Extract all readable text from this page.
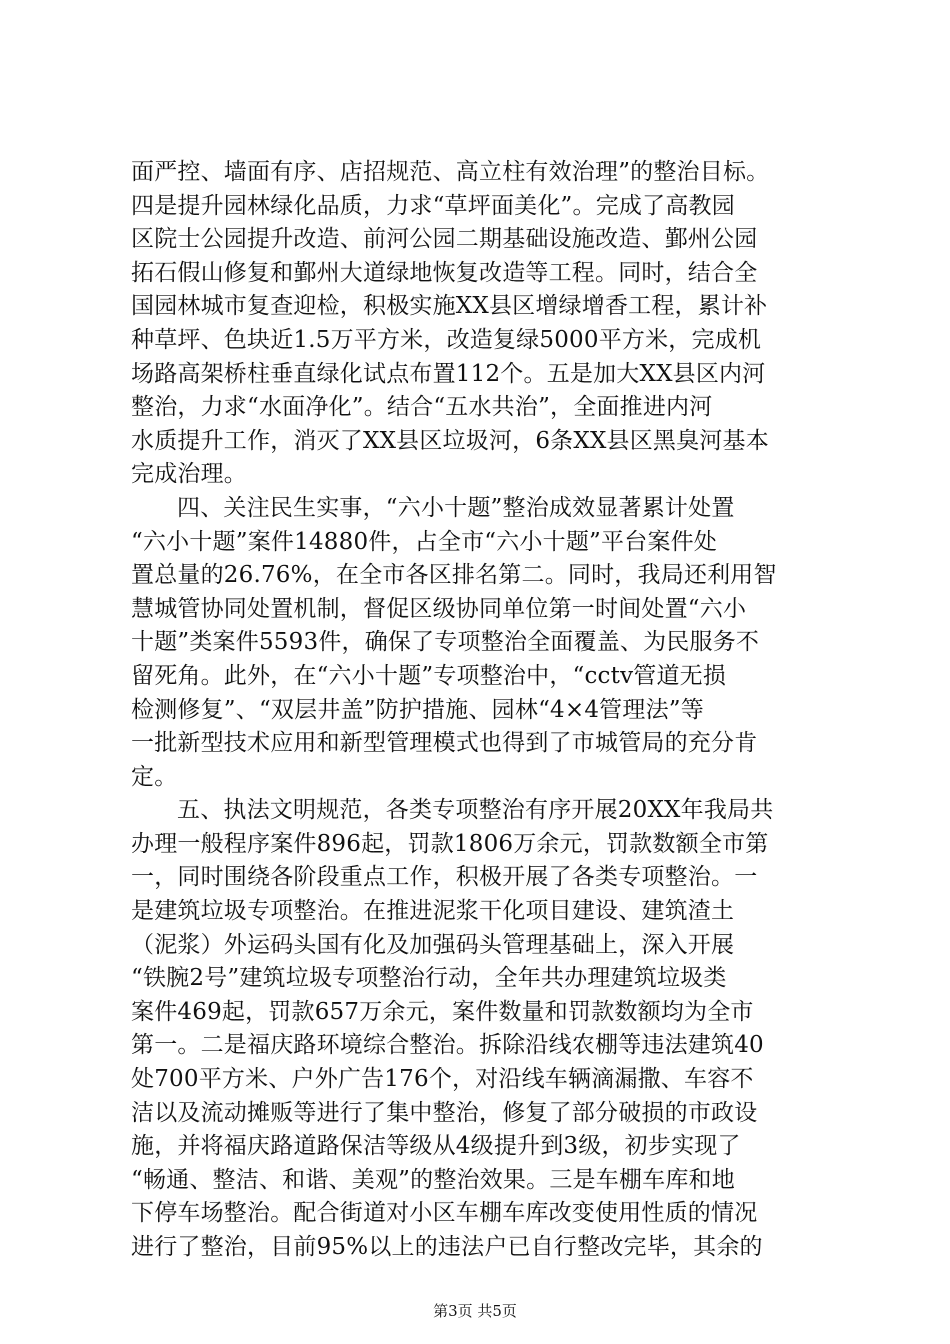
面严控、墙面有序、店招规范、高立柱有效治理”的整治目标。
四是提升园林绿化品质，力求“草坪面美化”。完成了高教园
区院士公园提升改造、前河公园二期基础设施改造、鄞州公园
拓石假山修复和鄞州大道绿地恢复改造等工程。同时，结合全
国园林城市复查迎检，积极实施XX县区增绿增香工程，累计补
种草坪、色块近1.5万平方米，改造复绿5000平方米，完成机
场路高架桥柱垂直绿化试点布置112个。五是加大XX县区内河
整治，力求“水面净化”。结合“五水共治”，全面推进内河
水质提升工作，消灭了XX县区垃圾河，6条XX县区黑臭河基本
完成治理。

四、关注民生实事，“六小十题”整治成效显著累计处置
“六小十题”案件14880件，占全市“六小十题”平台案件处
置总量的26.76%，在全市各区排名第二。同时，我局还利用智
慧城管协同处置机制，督促区级协同单位第一时间处置“六小
十题”类案件5593件，确保了专项整治全面覆盖、为民服务不
留死角。此外，在“六小十题”专项整治中，“cctv管道无损
检测修复”、“双层井盖”防护措施、园林“4×4管理法”等
一批新型技术应用和新型管理模式也得到了市城管局的充分肯
定。

五、执法文明规范，各类专项整治有序开展20XX年我局共
办理一般程序案件896起，罚款1806万余元，罚款数额全市第
一，同时围绕各阶段重点工作，积极开展了各类专项整治。一
是建筑垃圾专项整治。在推进泥浆干化项目建设、建筑渣土
（泥浆）外运码头国有化及加强码头管理基础上，深入开展
“铁腕2号”建筑垃圾专项整治行动，全年共办理建筑垃圾类
案件469起，罚款657万余元，案件数量和罚款数额均为全市
第一。二是福庆路环境综合整治。拆除沿线农棚等违法建筑40
处700平方米、户外广告176个，对沿线车辆滴漏撒、车容不
洁以及流动摊贩等进行了集中整治，修复了部分破损的市政设
施，并将福庆路道路保洁等级从4级提升到3级，初步实现了
“畅通、整洁、和谐、美观”的整治效果。三是车棚车库和地
下停车场整治。配合街道对小区车棚车库改变使用性质的情况
进行了整治，目前95%以上的违法户已自行整改完毕，其余的

第3页 共5页
